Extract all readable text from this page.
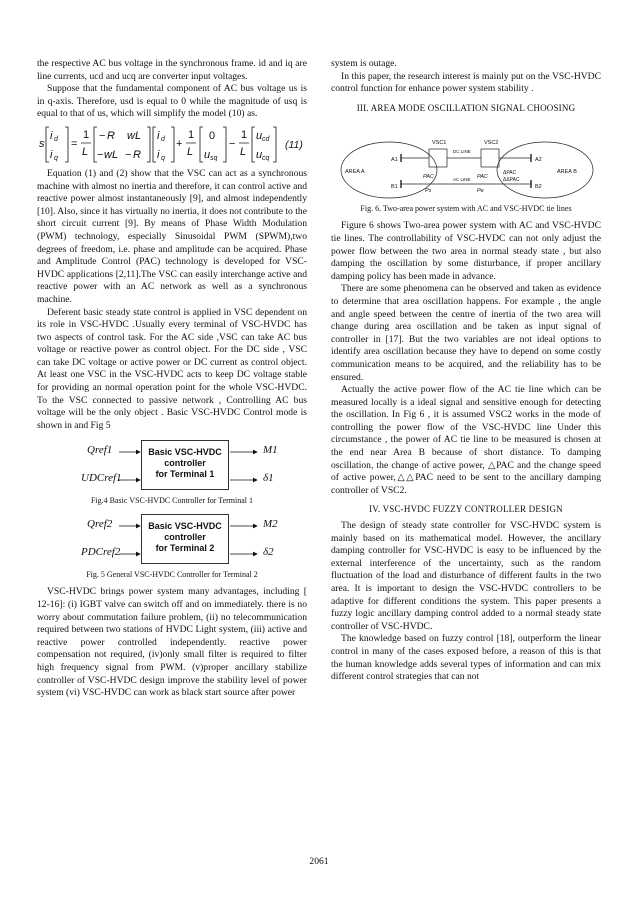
the respective AC bus voltage in the synchronous frame. id and iq are line currents, ucd and ucq are converter input voltages.

Suppose that the fundamental component of AC bus voltage us is in q-axis. Therefore, usd is equal to 0 while the magnitude of usq is equal to that of us, which will simplify the model (10) as.

s
i d
i q
=
1
L
− R wL
− wL − R
i d
i q
+
1
L
0
u sq
−
1
L
u cd
u cq
(11)

Equation (1) and (2) show that the VSC can act as a synchronous machine with almost no inertia and therefore, it can control active and reactive power almost instantaneously [9], and almost independently [10]. Also, since it has virtually no inertia, it does not contribute to the short circuit current [9]. By means of Phase Width Modulation (PWM) technology, especially Sinusoidal PWM (SPWM),two degrees of freedom, i.e. phase and amplitude can be acquired. Phase and Amplitude Control (PAC) technology is developed for VSC-HVDC applications [2,11].The VSC can easily interchange active and reactive power with an AC network as well as a synchronous machine.

Deferent basic steady state control is applied in VSC dependent on its role in VSC-HVDC .Usually every terminal of VSC-HVDC has two aspects of control task. For the AC side ,VSC can take AC bus voltage or reactive power as control object. For the DC side , VSC can take DC voltage or active power or DC current as control object. At least one VSC in the VSC-HVDC acts to keep DC voltage stable for providing an normal operation point for the whole VSC-HVDC. To the VSC connected to passive network , Controlling AC bus voltage will be the only object . Basic VSC-HVDC Control mode is shown in and Fig 5

Qref1
UDCref1
Basic VSC-HVDC
controller
for Terminal 1
M1
δ1
Fig.4 Basic VSC-HVDC Controller for Terminal 1
Qref2
PDCref2
Basic VSC-HVDC
controller
for Terminal 2
M2
δ2
Fig. 5 General VSC-HVDC Controller for Terminal 2

VSC-HVDC brings power system many advantages, including [ 12-16]: (i) IGBT valve can switch off and on immediately. there is no worry about commutation failure problem, (ii) no telecommunication required between two stations of HVDC Light system, (iii) active and reactive power controlled independently. reactive power compensation not required, (iv)only small filter is required to filter high frequency signal from PWM. (v)proper ancillary stabilize controller of VSC-HVDC design improve the stability level of power system (vi) VSC-HVDC can work as black start source after power

system is outage.

In this paper, the research interest is mainly put on the VSC-HVDC control function for enhance power system stability .

III. AREA MODE OSCILLATION SIGNAL CHOOSING
VSC1	VSC2
DC LINE
AC LINE
A1
B1
A2
B2
AREA A	AREA B
PAC	PAC
Ps	Pe
ΔPAC
ΔΔPAC
Fig. 6. Two-area power system with AC and VSC-HVDC tie lines

Figure 6 shows Two-area power system with AC and VSC-HVDC tie lines. The controllability of VSC-HVDC can not only adjust the power flow between the two area in normal steady state , but also damping the oscillation by some disturbance, if proper ancillary damping policy has been made in advance.

There are some phenomena can be observed and taken as evidence to determine that area oscillation happens. For example , the angle and angle speed between the centre of inertia of the two area will change during area oscillation and be taken as input signal of controller in [17]. But the two variables are not ideal options to identify area oscillation because they have to depend on some costly communication means to be acquired, and the reliability has to be ensured.

Actually the active power flow of the AC tie line which can be measured locally is a ideal signal and sensitive enough for detecting the oscillation. In Fig 6 , it is assumed VSC2 works in the mode of controlling the power flow of the VSC-HVDC line Under this circumstance , the power of AC tie line to be measured is chosen at the end near Area B because of short distance. To damping oscillation, the change of active power, △PAC and the change speed of active power,△△PAC need to be sent to the ancillary damping controller of VSC2.

IV. VSC-HVDC FUZZY CONTROLLER DESIGN

The design of steady state controller for VSC-HVDC system is mainly based on its mathematical model. However, the ancillary damping controller for VSC-HVDC is easy to be influenced by the external interference of the uncertainty, such as the random fluctuation of the load and disturbance of different faults in the two area. It is important to design the VSC-HVDC controllers to be adaptive for different conditions the system. This paper presents a fuzzy logic ancillary damping control added to a normal steady state controller of VSC-HVDC.

The knowledge based on fuzzy control [18], outperform the linear control in many of the cases exposed before, a reason of this is that the human knowledge adds several types of information and can mix different control strategies that can not

2061
